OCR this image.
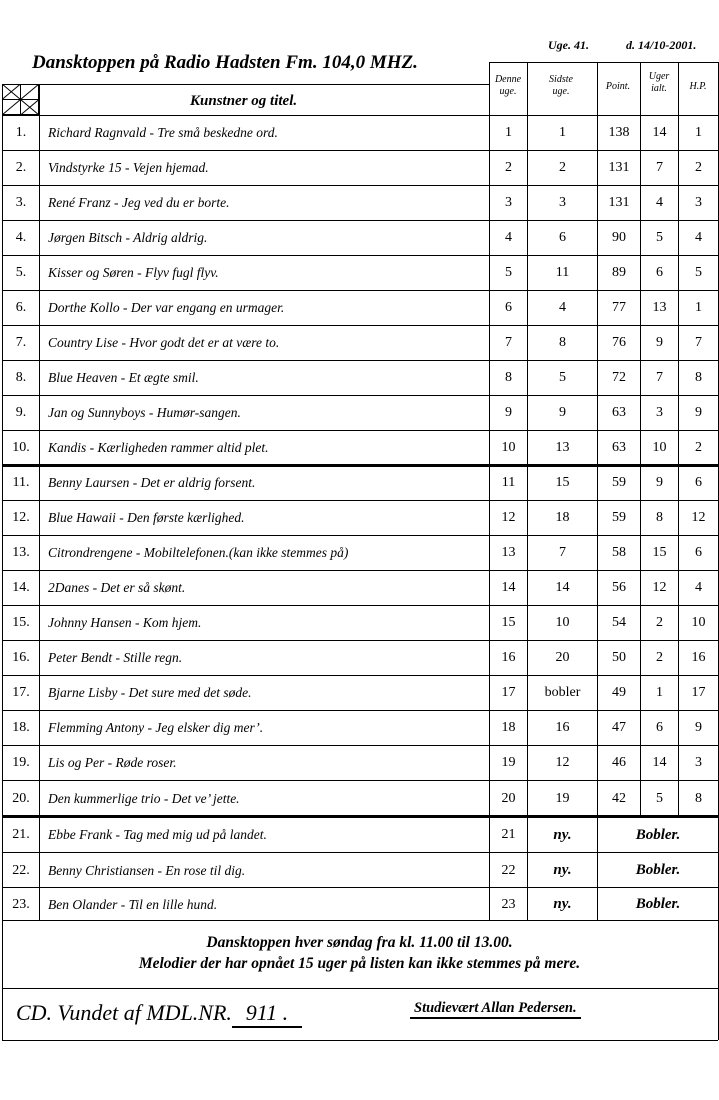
Uge. 41.	d. 14/10-2001.
Dansktoppen på Radio Hadsten Fm. 104,0 MHZ.
Kunstner og titel.
Denne
uge.
Sidste
uge.	Point.
Uger
ialt.	H.P.
1.	Richard Ragnvald - Tre små beskedne ord.	1	1	138	14	1
2.	Vindstyrke 15 - Vejen hjemad.	2	2	131	7	2
3.	René Franz - Jeg ved du er borte.	3	3	131	4	3
4.	Jørgen Bitsch - Aldrig aldrig.	4	6	90	5	4
5.	Kisser og Søren - Flyv fugl flyv.	5	11	89	6	5
6.	Dorthe Kollo - Der var engang en urmager.	6	4	77	13	1
7.	Country Lise - Hvor godt det er at være to.	7	8	76	9	7
8.	Blue Heaven - Et ægte smil.	8	5	72	7	8
9.	Jan og Sunnyboys - Humør-sangen.	9	9	63	3	9
10.	Kandis - Kærligheden rammer altid plet.	10	13	63	10	2
11.	Benny Laursen - Det er aldrig forsent.	11	15	59	9	6
12.	Blue Hawaii - Den første kærlighed.	12	18	59	8	12
13.	Citrondrengene - Mobiltelefonen.(kan ikke stemmes på)	13	7	58	15	6
14.	2Danes - Det er så skønt.	14	14	56	12	4
15.	Johnny Hansen - Kom hjem.	15	10	54	2	10
16.	Peter Bendt - Stille regn.	16	20	50	2	16
17.	Bjarne Lisby - Det sure med det søde.	17	bobler	49	1	17
18.	Flemming Antony - Jeg elsker dig mer’.	18	16	47	6	9
19.	Lis og Per - Røde roser.	19	12	46	14	3
20.	Den kummerlige trio - Det ve’ jette.	20	19	42	5	8
21.	Ebbe Frank - Tag med mig ud på landet.	21	ny.	Bobler.
22.	Benny Christiansen - En rose til dig.	22	ny.	Bobler.
23.	Ben Olander - Til en lille hund.	23	ny.	Bobler.
Dansktoppen hver søndag fra kl. 11.00 til 13.00.
Melodier der har opnået 15 uger på listen kan ikke stemmes på mere.
CD. Vundet af MDL.NR. 911 .	Studievært Allan Pedersen.
